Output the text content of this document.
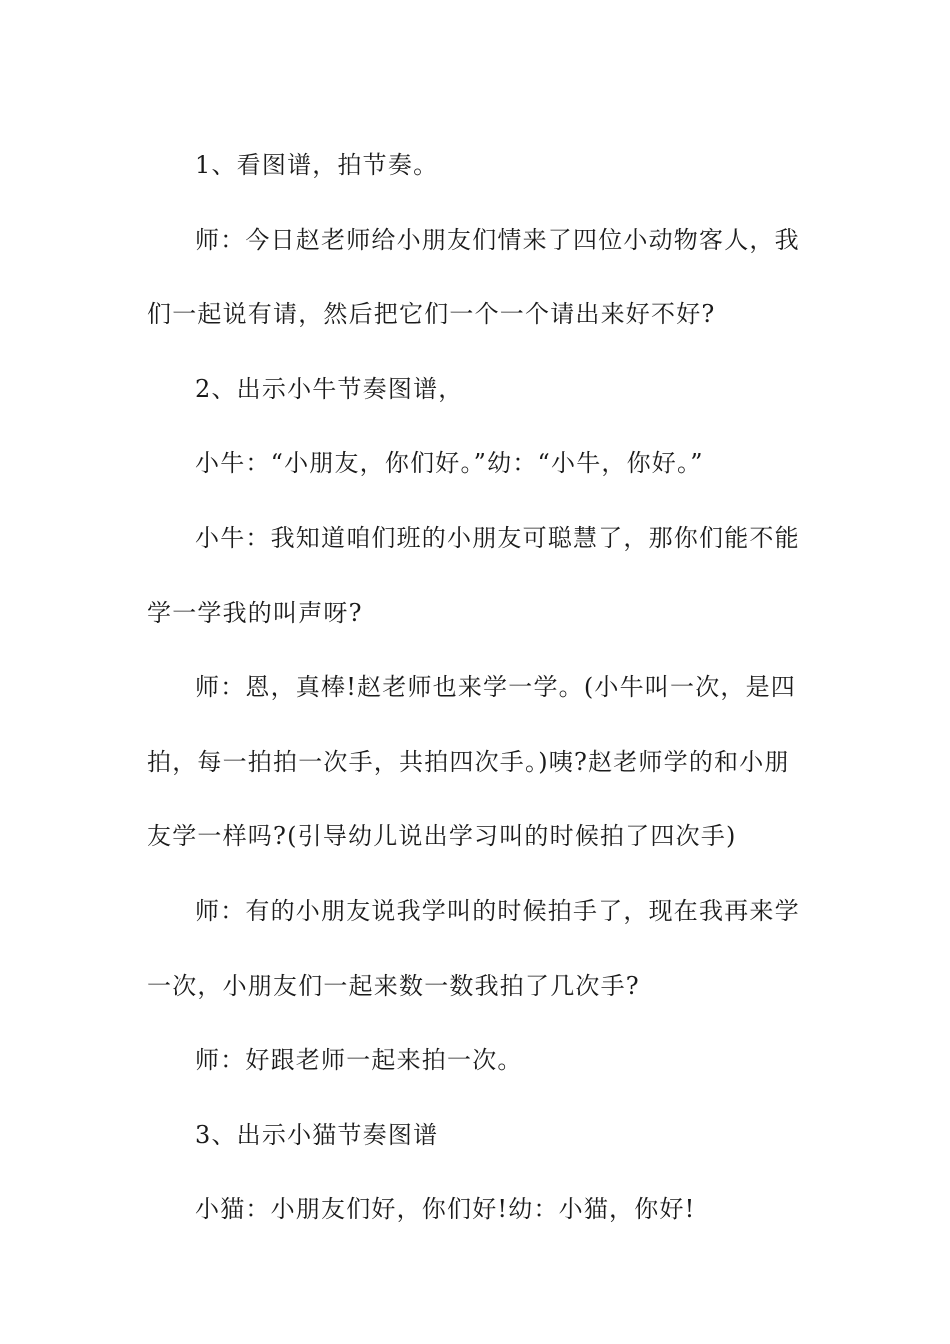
1、看图谱，拍节奏。

师：今日赵老师给小朋友们情来了四位小动物客人，我们一起说有请，然后把它们一个一个请出来好不好?

2、出示小牛节奏图谱，

小牛：“小朋友，你们好。”幼：“小牛，你好。”

小牛：我知道咱们班的小朋友可聪慧了，那你们能不能学一学我的叫声呀?

师：恩，真棒!赵老师也来学一学。(小牛叫一次，是四拍，每一拍拍一次手，共拍四次手。)咦?赵老师学的和小朋友学一样吗?(引导幼儿说出学习叫的时候拍了四次手)

师：有的小朋友说我学叫的时候拍手了，现在我再来学一次，小朋友们一起来数一数我拍了几次手?

师：好跟老师一起来拍一次。

3、出示小猫节奏图谱

小猫：小朋友们好，你们好!幼：小猫，你好!
